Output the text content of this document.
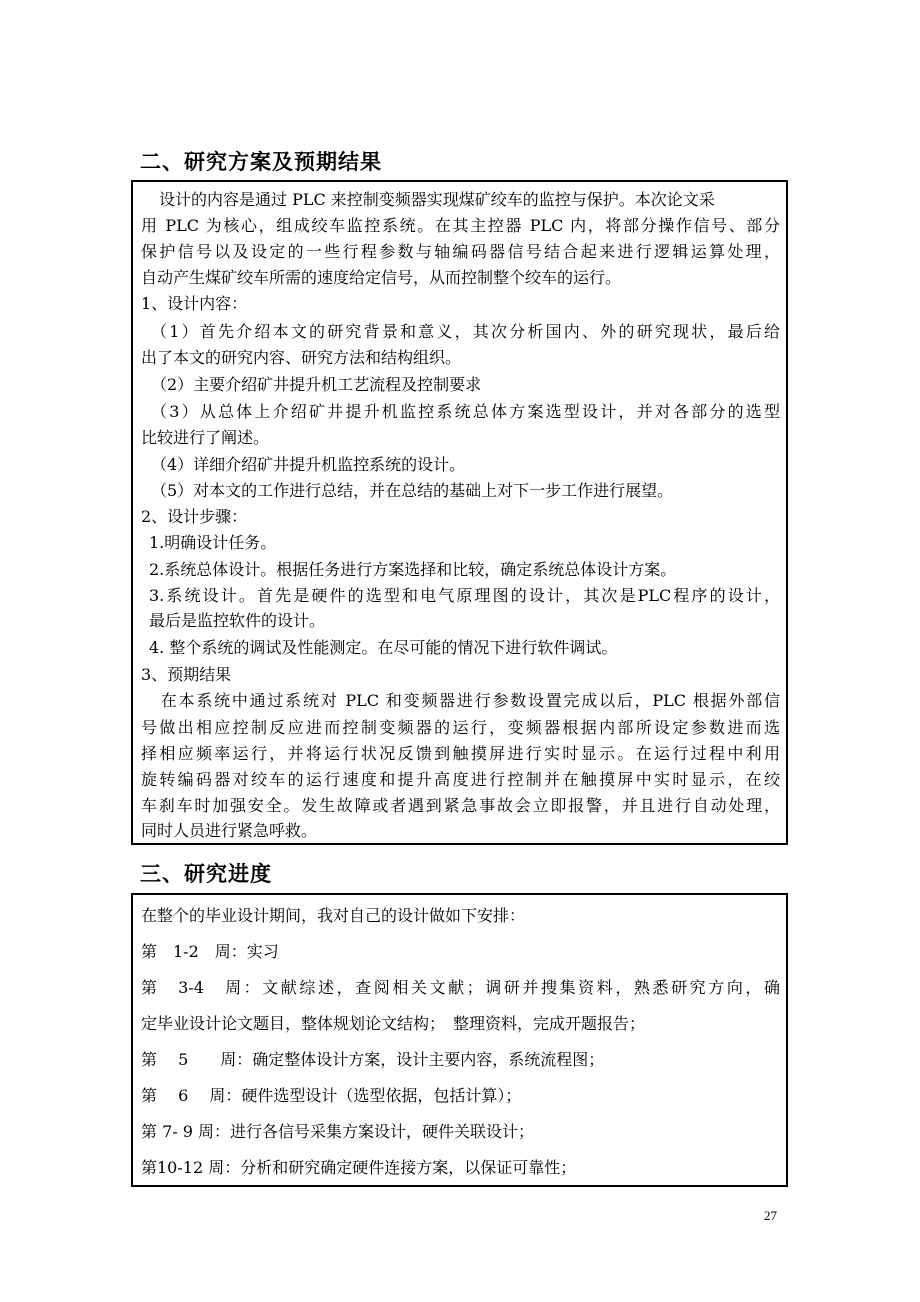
二、研究方案及预期结果
　设计的内容是通过 PLC 来控制变频器实现煤矿绞车的监控与保护。本次论文采
用 PLC 为核心，组成绞车监控系统。在其主控器 PLC 内，将部分操作信号、部分
保护信号以及设定的一些行程参数与轴编码器信号结合起来进行逻辑运算处理，
自动产生煤矿绞车所需的速度给定信号，从而控制整个绞车的运行。
1、设计内容：
（1）首先介绍本文的研究背景和意义，其次分析国内、外的研究现状，最后给
出了本文的研究内容、研究方法和结构组织。
（2）主要介绍矿井提升机工艺流程及控制要求
（3）从总体上介绍矿井提升机监控系统总体方案选型设计，并对各部分的选型
比较进行了阐述。
（4）详细介绍矿井提升机监控系统的设计。
（5）对本文的工作进行总结，并在总结的基础上对下一步工作进行展望。
2、设计步骤：
1.明确设计任务。
2.系统总体设计。根据任务进行方案选择和比较，确定系统总体设计方案。
3.系统设计。首先是硬件的选型和电气原理图的设计，其次是PLC程序的设计，
最后是监控软件的设计。
4. 整个系统的调试及性能测定。在尽可能的情况下进行软件调试。
3、预期结果
　在本系统中通过系统对 PLC 和变频器进行参数设置完成以后，PLC 根据外部信
号做出相应控制反应进而控制变频器的运行，变频器根据内部所设定参数进而选
择相应频率运行，并将运行状况反馈到触摸屏进行实时显示。在运行过程中利用
旋转编码器对绞车的运行速度和提升高度进行控制并在触摸屏中实时显示，在绞
车刹车时加强安全。发生故障或者遇到紧急事故会立即报警，并且进行自动处理，
同时人员进行紧急呼救。
三、研究进度
在整个的毕业设计期间，我对自己的设计做如下安排：
第　1-2　周：实习
第　3-4　周：文献综述，查阅相关文献；调研并搜集资料，熟悉研究方向，确
定毕业设计论文题目，整体规划论文结构；　整理资料，完成开题报告；
第　 5　　周：确定整体设计方案，设计主要内容，系统流程图；
第　 6　 周：硬件选型设计（选型依据，包括计算）；
第 7- 9 周：进行各信号采集方案设计，硬件关联设计；
第10-12 周：分析和研究确定硬件连接方案，以保证可靠性；
27
